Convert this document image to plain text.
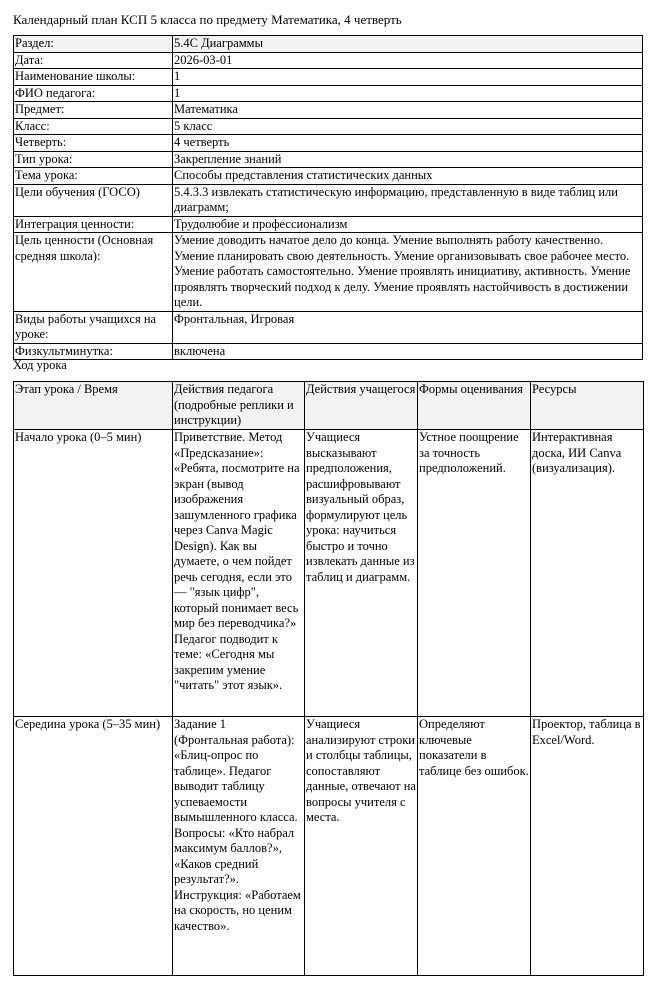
Календарный план КСП 5 класса по предмету Математика, 4 четверть
Раздел:	5.4С Диаграммы
Дата:	2026-03-01
Наименование школы:	1
ФИО педагога:	1
Предмет:	Математика
Класс:	5 класс
Четверть:	4 четверть
Тип урока:	Закрепление знаний
Тема урока:	Способы представления статистических данных
Цели обучения (ГОСО)	5.4.3.3 извлекать статистическую информацию, представленную в виде таблиц или диаграмм;
Интеграция ценности:	Трудолюбие и профессионализм
Цель ценности (Основная средняя школа):	Умение доводить начатое дело до конца. Умение выполнять работу качественно. Умение планировать свою деятельность. Умение организовывать свое рабочее место. Умение работать самостоятельно. Умение проявлять инициативу, активность. Умение проявлять творческий подход к делу. Умение проявлять настойчивость в достижении цели.
Виды работы учащихся на уроке:	Фронтальная, Игровая
Физкультминутка:	включена
Ход урока
Этап урока / Время	Действия педагога (подробные реплики и инструкции)	Действия учащегося	Формы оценивания	Ресурсы
Начало урока (0–5 мин)	Приветствие. Метод «Предсказание»: «Ребята, посмотрите на экран (вывод изображения зашумленного графика через Canva Magic Design). Как вы думаете, о чем пойдет речь сегодня, если это — "язык цифр", который понимает весь мир без переводчика?» Педагог подводит к теме: «Сегодня мы закрепим умение "читать" этот язык».	Учащиеся высказывают предположения, расшифровывают визуальный образ, формулируют цель урока: научиться быстро и точно извлекать данные из таблиц и диаграмм.	Устное поощрение за точность предположений.	Интерактивная доска, ИИ Canva (визуализация).
Середина урока (5–35 мин)	Задание 1 (Фронтальная работа): «Блиц-опрос по таблице». Педагог выводит таблицу успеваемости вымышленного класса. Вопросы: «Кто набрал максимум баллов?», «Каков средний результат?». Инструкция: «Работаем на скорость, но ценим качество».	Учащиеся анализируют строки и столбцы таблицы, сопоставляют данные, отвечают на вопросы учителя с места.	Определяют ключевые показатели в таблице без ошибок.	Проектор, таблица в Excel/Word.
